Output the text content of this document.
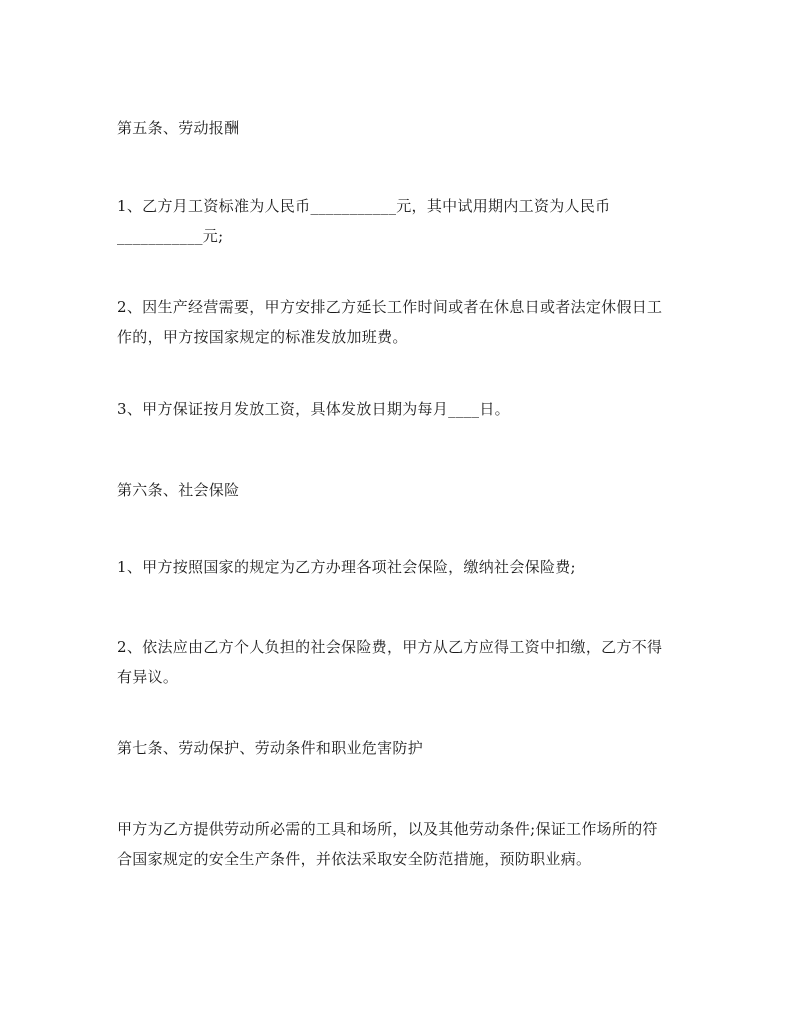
第五条、劳动报酬
1、乙方月工资标准为人民币___________元，其中试用期内工资为人民币
___________元;
2、因生产经营需要，甲方安排乙方延长工作时间或者在休息日或者法定休假日工
作的，甲方按国家规定的标准发放加班费。
3、甲方保证按月发放工资，具体发放日期为每月____日。
第六条、社会保险
1、甲方按照国家的规定为乙方办理各项社会保险，缴纳社会保险费;
2、依法应由乙方个人负担的社会保险费，甲方从乙方应得工资中扣缴，乙方不得
有异议。
第七条、劳动保护、劳动条件和职业危害防护
甲方为乙方提供劳动所必需的工具和场所，以及其他劳动条件;保证工作场所的符
合国家规定的安全生产条件，并依法采取安全防范措施，预防职业病。
